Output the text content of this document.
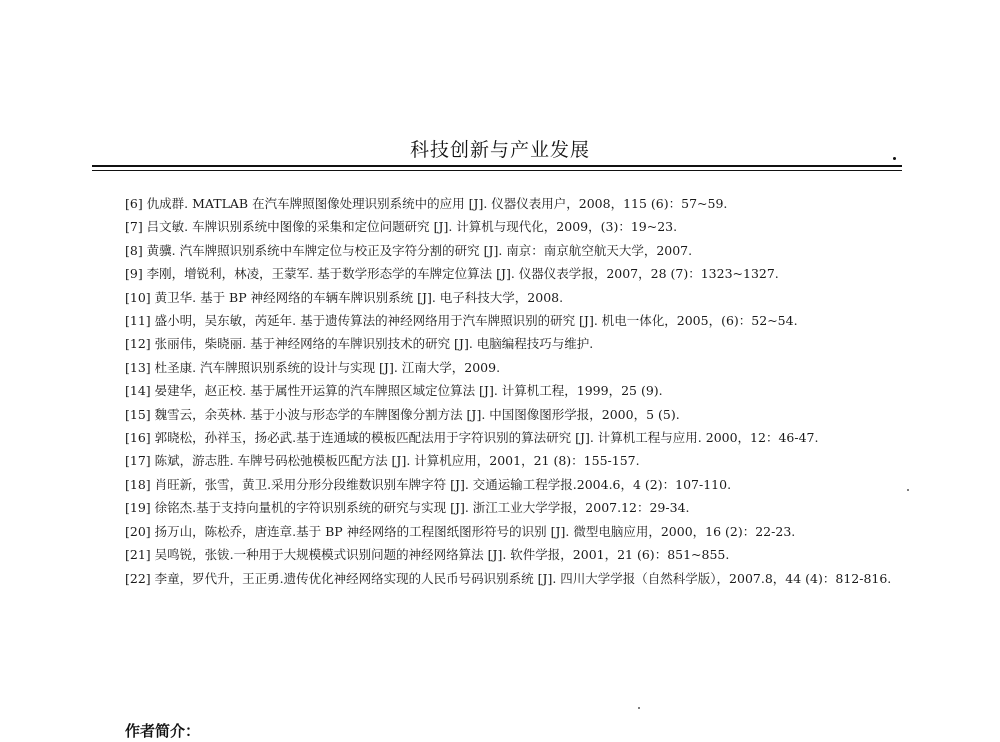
科技创新与产业发展
[6] 仇成群. MATLAB 在汽车牌照图像处理识别系统中的应用 [J]. 仪器仪表用户，2008，115 (6)：57~59.
[7] 吕文敏. 车牌识别系统中图像的采集和定位问题研究 [J]. 计算机与现代化，2009，(3)：19~23.
[8] 黄骥. 汽车牌照识别系统中车牌定位与校正及字符分割的研究 [J]. 南京：南京航空航天大学，2007.
[9] 李刚，增锐利，林凌，王蒙军. 基于数学形态学的车牌定位算法 [J]. 仪器仪表学报，2007，28 (7)：1323~1327.
[10] 黄卫华. 基于 BP 神经网络的车辆车牌识别系统 [J]. 电子科技大学，2008.
[11] 盛小明，吴东敏，芮延年. 基于遗传算法的神经网络用于汽车牌照识别的研究 [J]. 机电一体化，2005，(6)：52~54.
[12] 张丽伟，柴晓丽. 基于神经网络的车牌识别技术的研究 [J]. 电脑编程技巧与维护.
[13] 杜圣康. 汽车牌照识别系统的设计与实现 [J]. 江南大学，2009.
[14] 晏建华，赵正校. 基于属性开运算的汽车牌照区域定位算法 [J]. 计算机工程，1999，25 (9).
[15] 魏雪云，余英林. 基于小波与形态学的车牌图像分割方法 [J]. 中国图像图形学报，2000，5 (5).
[16] 郭晓松，孙祥玉，扬必武.基于连通域的模板匹配法用于字符识别的算法研究 [J]. 计算机工程与应用. 2000，12：46-47.
[17] 陈斌，游志胜. 车牌号码松弛模板匹配方法 [J]. 计算机应用，2001，21 (8)：155-157.
[18] 肖旺新，张雪，黄卫.采用分形分段维数识别车牌字符 [J]. 交通运输工程学报.2004.6，4 (2)：107-110.
[19] 徐铭杰.基于支持向量机的字符识别系统的研究与实现 [J]. 浙江工业大学学报，2007.12：29-34.
[20] 扬万山，陈松乔，唐连章.基于 BP 神经网络的工程图纸图形符号的识别 [J]. 微型电脑应用，2000，16 (2)：22-23.
[21] 吴鸣锐，张钹.一种用于大规模模式识别问题的神经网络算法 [J]. 软件学报，2001，21 (6)：851~855.
[22] 李童，罗代升，王正勇.遗传优化神经网络实现的人民币号码识别系统 [J]. 四川大学学报（自然科学版），2007.8，44 (4)：812-816.
作者简介：
